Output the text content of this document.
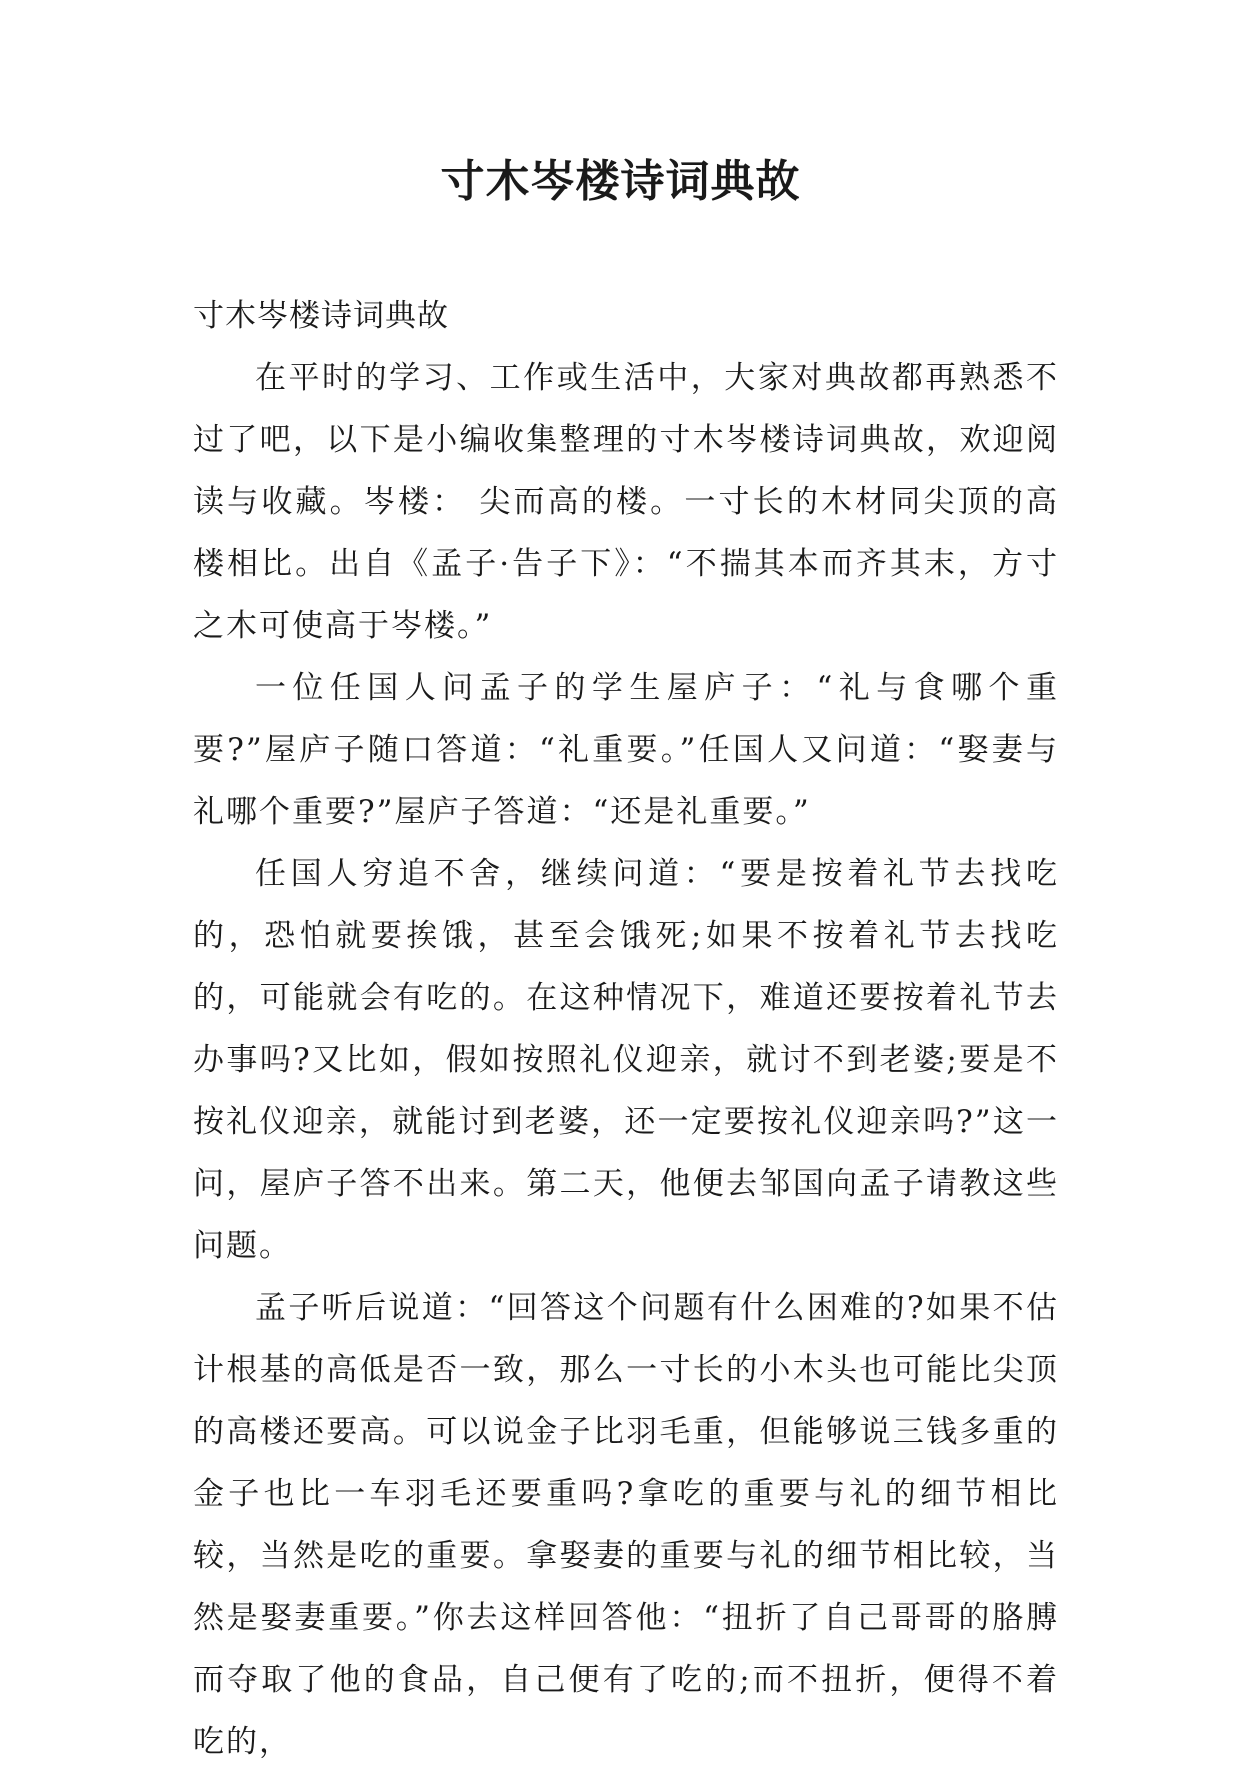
寸木岑楼诗词典故

寸木岑楼诗词典故

在平时的学习、工作或生活中，大家对典故都再熟悉不过了吧，以下是小编收集整理的寸木岑楼诗词典故，欢迎阅读与收藏。岑楼： 尖而高的楼。一寸长的木材同尖顶的高楼相比。出自《孟子·告子下》：“不揣其本而齐其末，方寸之木可使高于岑楼。”

一位任国人问孟子的学生屋庐子：“礼与食哪个重要?”屋庐子随口答道：“礼重要。”任国人又问道：“娶妻与礼哪个重要?”屋庐子答道：“还是礼重要。”

任国人穷追不舍，继续问道：“要是按着礼节去找吃的，恐怕就要挨饿，甚至会饿死;如果不按着礼节去找吃的，可能就会有吃的。在这种情况下，难道还要按着礼节去办事吗?又比如，假如按照礼仪迎亲，就讨不到老婆;要是不按礼仪迎亲，就能讨到老婆，还一定要按礼仪迎亲吗?”这一问，屋庐子答不出来。第二天，他便去邹国向孟子请教这些问题。

孟子听后说道：“回答这个问题有什么困难的?如果不估计根基的高低是否一致，那么一寸长的小木头也可能比尖顶的高楼还要高。可以说金子比羽毛重，但能够说三钱多重的金子也比一车羽毛还要重吗?拿吃的重要与礼的细节相比较，当然是吃的重要。拿娶妻的重要与礼的细节相比较，当然是娶妻重要。”你去这样回答他：“扭折了自己哥哥的胳膊而夺取了他的食品，自己便有了吃的;而不扭折，便得不着吃的，
